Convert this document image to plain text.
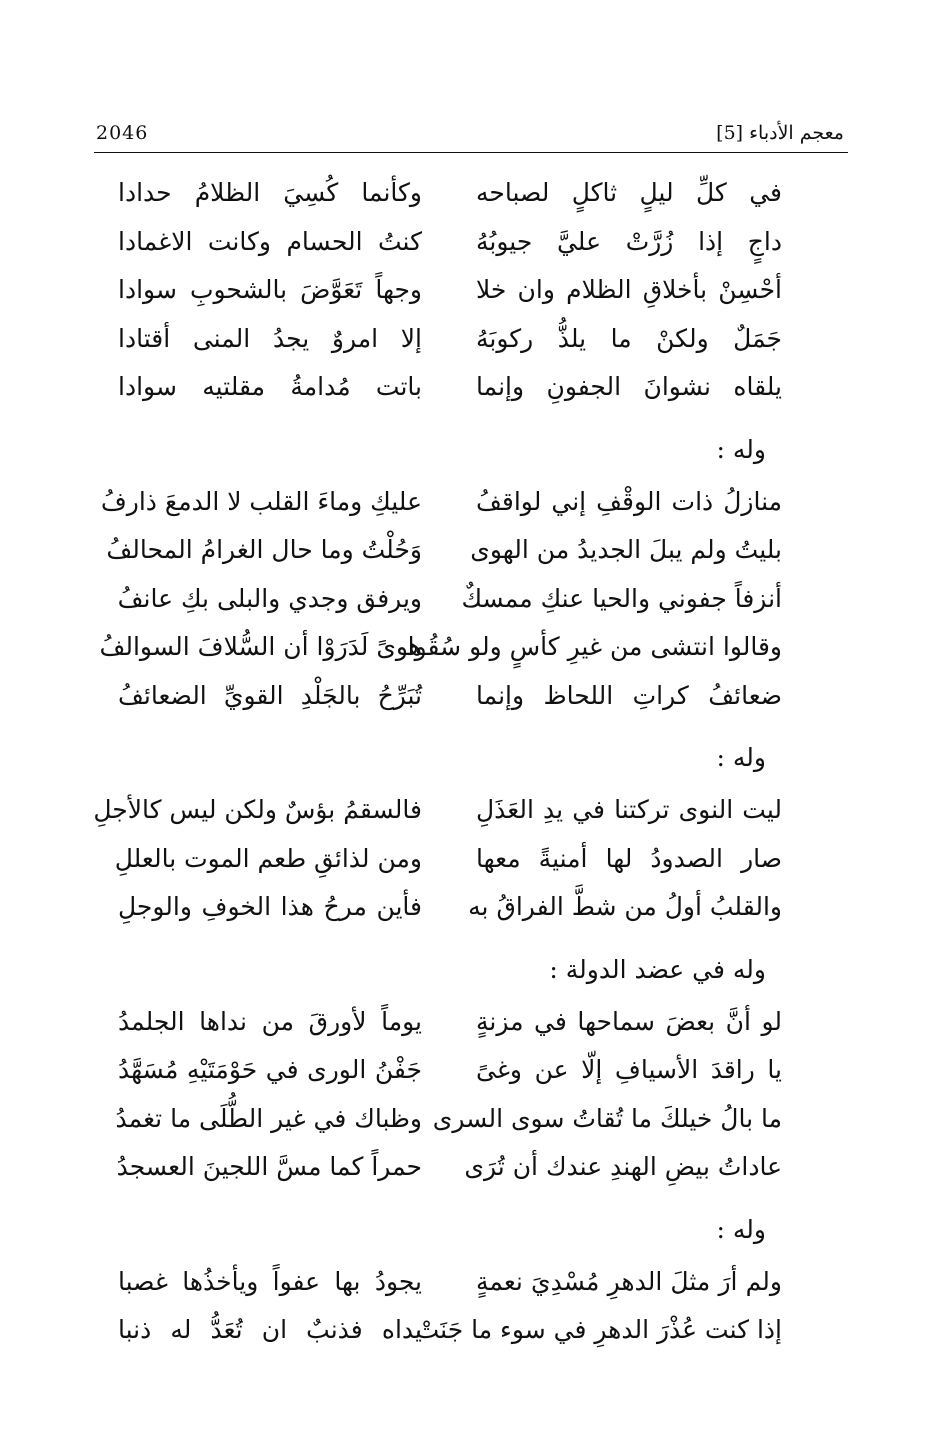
2046	معجم الأدباء [5]
في كلِّ ليلٍ ثاكلٍ لصباحه
وكأنما كُسِيَ الظلامُ حدادا
داجٍ إذا زُرَّتْ عليَّ جيوبُهُ
كنتُ الحسام وكانت الاغمادا
أحْسِنْ بأخلاقِ الظلام وان خلا
وجهاً تَعَوَّضَ بالشحوبِ سوادا
جَمَلٌ ولكنْ ما يلذُّ ركوبَهُ
إلا امروٌ يجدُ المنى أقتادا
يلقاه نشوانَ الجفونِ وإنما
باتت مُدامةُ مقلتيه سوادا
وله :
منازلُ ذات الوقْفِ إني لواقفُ
عليكِ وماءَ القلب لا الدمعَ ذارفُ
بليتُ ولم يبلَ الجديدُ من الهوى
وَحُلْتُ وما حال الغرامُ المحالفُ
أنزفاً جفوني والحيا عنكِ ممسكٌ
ويرفق وجدي والبلى بكِ عانفُ
وقالوا انتشى من غيرِ كأسٍ ولو سُقُوا
هوىً لَدَرَوْا أن السُّلافَ السوالفُ
ضعائفُ كراتِ اللحاظ وإنما
تُبَرِّحُ بالجَلْدِ القويِّ الضعائفُ
وله :
ليت النوى تركتنا في يدِ العَذَلِ
فالسقمُ بؤسٌ ولكن ليس كالأجلِ
صار الصدودُ لها أمنيةً معها
ومن لذائقِ طعم الموت بالعللِ
والقلبُ أولُ من شطَّ الفراقُ به
فأين مرحُ هذا الخوفِ والوجلِ
وله في عضد الدولة :
لو أنَّ بعضَ سماحها في مزنةٍ
يوماً لأورقَ من نداها الجلمدُ
يا راقدَ الأسيافِ إلّا عن وغىً
جَفْنُ الورى في حَوْمَتَيْهِ مُسَهَّدُ
ما بالُ خيلكَ ما تُقاتُ سوى السرى
وظباك في غير الطُّلَى ما تغمدُ
عاداتُ بيضِ الهندِ عندك أن تُرَى
حمراً كما مسَّ اللجينَ العسجدُ
وله :
ولم أرَ مثلَ الدهرِ مُسْدِيَ نعمةٍ
يجودُ بها عفواً ويأخذُها غصبا
إذا كنت عُذْرَ الدهرِ في سوء ما جَنَتْ
يداه فذنبٌ ان تُعَدُّ له ذنبا
